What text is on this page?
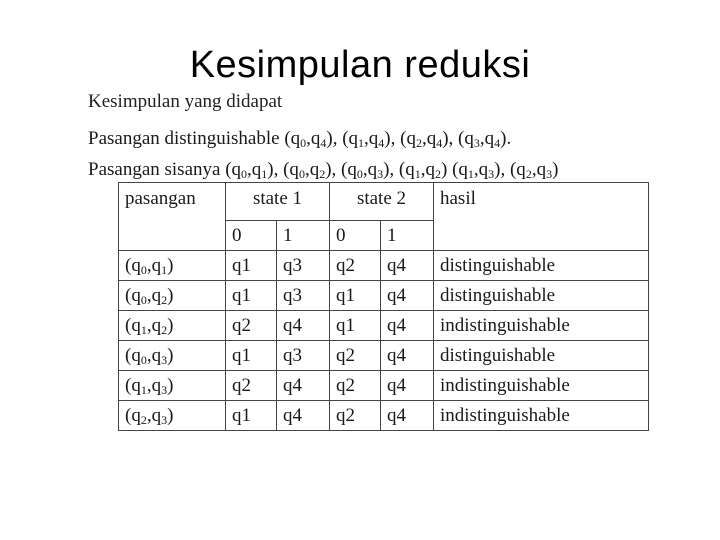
Kesimpulan reduksi
Kesimpulan yang didapat
Pasangan distinguishable $(q_0,q_4)$, $(q_1,q_4)$, $(q_2,q_4)$, $(q_3,q_4)$.
Pasangan sisanya $(q_0,q_1)$, $(q_0,q_2)$, $(q_0,q_3)$, $(q_1,q_2)$ $(q_1,q_3)$, $(q_2,q_3)$
pasangan	state 1		state 2		hasil
	0	1	0	1	
$(q_0,q_1)$	q1	q3	q2	q4	distinguishable
$(q_0,q_2)$	q1	q3	q1	q4	distinguishable
$(q_1,q_2)$	q2	q4	q1	q4	indistinguishable
$(q_0,q_3)$	q1	q3	q2	q4	distinguishable
$(q_1,q_3)$	q2	q4	q2	q4	indistinguishable
$(q_2,q_3)$	q1	q4	q2	q4	indistinguishable
